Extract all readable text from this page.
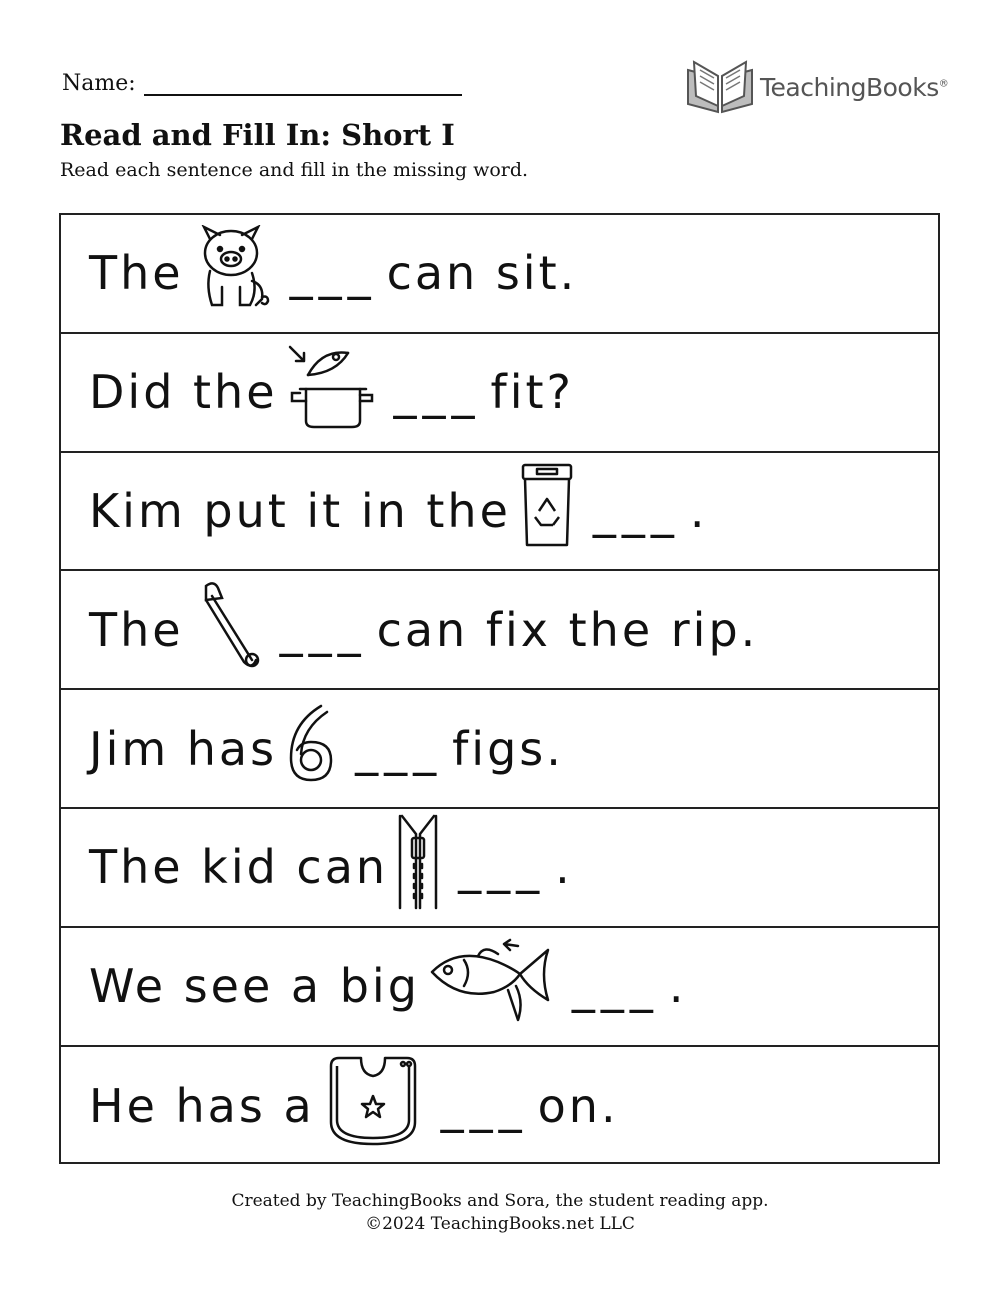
Name:	TeachingBooks®
Read and Fill In: Short I

Read each sentence and fill in the missing word.

The ___ can sit.
Did the	___ fit?
Kim put it in the ___ .
The ___ can fix the rip.
Jim has ___ figs.
The kid can ___ .
We see a big	___ .
He has a	___ on.
Created by TeachingBooks and Sora, the student reading app.
©2024 TeachingBooks.net LLC
